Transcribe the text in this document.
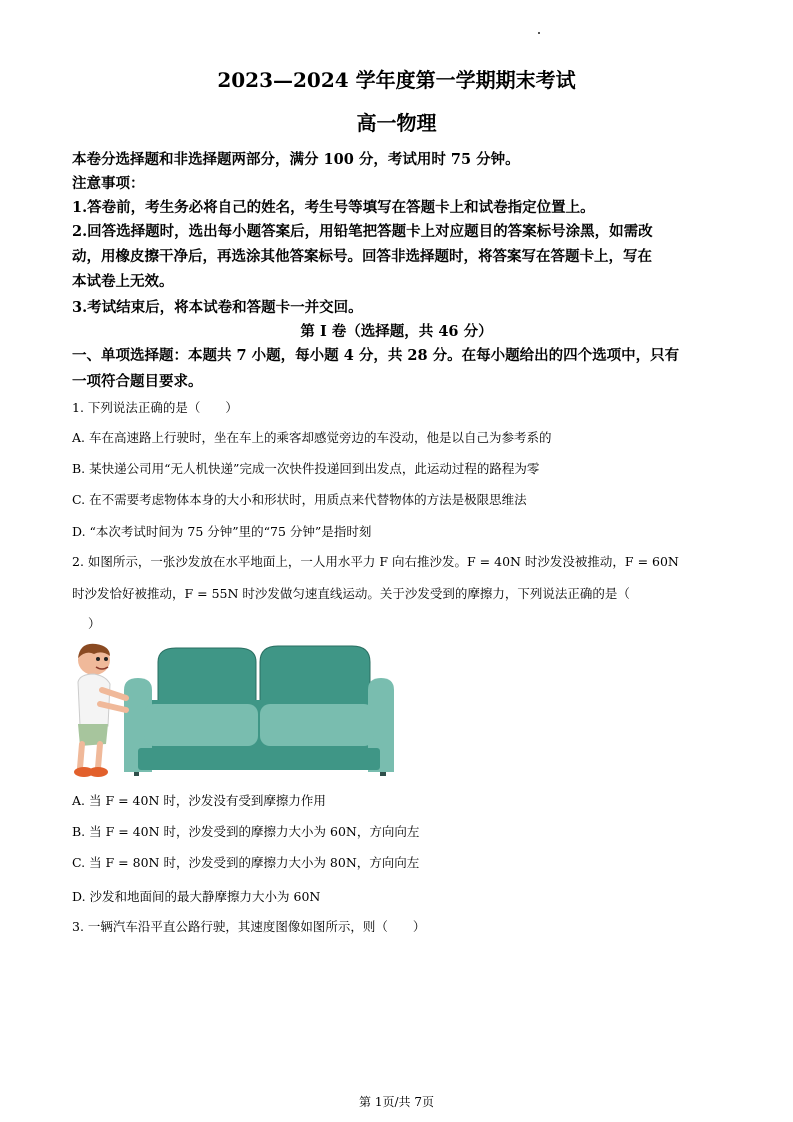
2023—2024 学年度第一学期期末考试
高一物理
本卷分选择题和非选择题两部分，满分 100 分，考试用时 75 分钟。
注意事项：
1.答卷前，考生务必将自己的姓名，考生号等填写在答题卡上和试卷指定位置上。
2.回答选择题时，选出每小题答案后，用铅笔把答题卡上对应题目的答案标号涂黑，如需改
动，用橡皮擦干净后，再选涂其他答案标号。回答非选择题时，将答案写在答题卡上，写在
本试卷上无效。
3.考试结束后，将本试卷和答题卡一并交回。
第 I 卷（选择题，共 46 分）
一、单项选择题：本题共 7 小题，每小题 4 分，共 28 分。在每小题给出的四个选项中，只有
一项符合题目要求。
1. 下列说法正确的是（　　）
A. 车在高速路上行驶时，坐在车上的乘客却感觉旁边的车没动，他是以自己为参考系的
B. 某快递公司用“无人机快递”完成一次快件投递回到出发点，此运动过程的路程为零
C. 在不需要考虑物体本身的大小和形状时，用质点来代替物体的方法是极限思维法
D. “本次考试时间为 75 分钟”里的“75 分钟”是指时刻
2. 如图所示，一张沙发放在水平地面上，一人用水平力 F 向右推沙发。F = 40N 时沙发没被推动，F = 60N
时沙发恰好被推动，F = 55N 时沙发做匀速直线运动。关于沙发受到的摩擦力，下列说法正确的是（
）
A. 当 F = 40N 时，沙发没有受到摩擦力作用
B. 当 F = 40N 时，沙发受到的摩擦力大小为 60N，方向向左
C. 当 F = 80N 时，沙发受到的摩擦力大小为 80N，方向向左
D. 沙发和地面间的最大静摩擦力大小为 60N
3. 一辆汽车沿平直公路行驶，其速度图像如图所示，则（　　）
第 1页/共 7页
